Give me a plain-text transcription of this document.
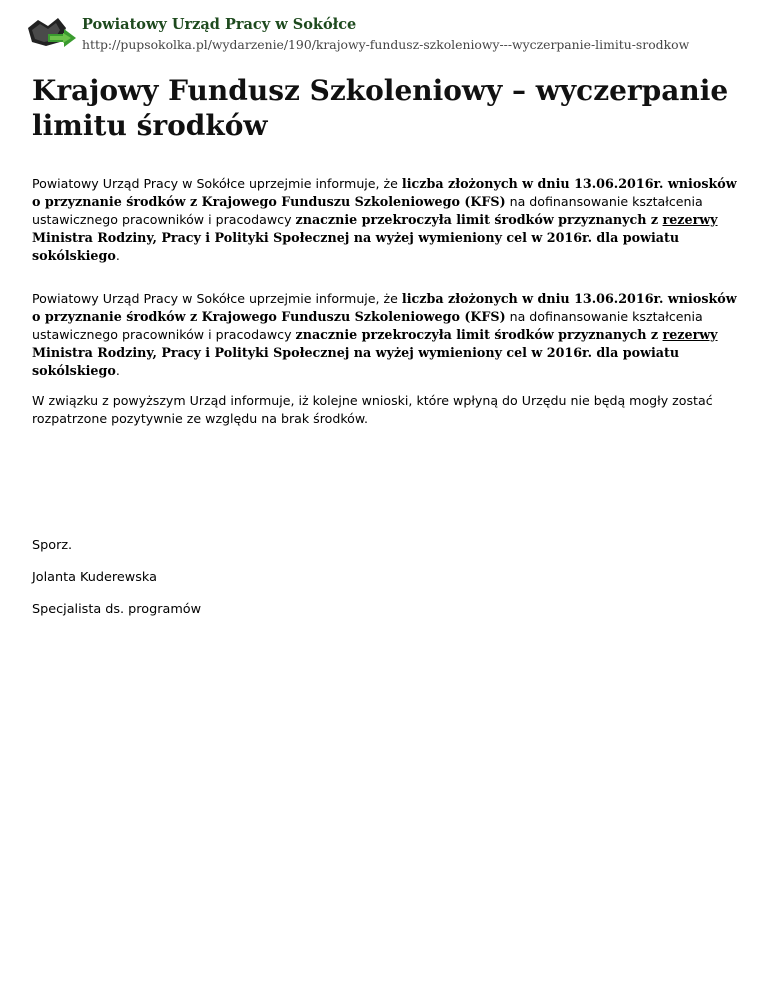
Powiatowy Urząd Pracy w Sokółce
http://pupsokolka.pl/wydarzenie/190/krajowy-fundusz-szkoleniowy---wyczerpanie-limitu-srodkow
Krajowy Fundusz Szkoleniowy – wyczerpanie limitu środków

Powiatowy Urząd Pracy w Sokółce uprzejmie informuje, że liczba złożonych w dniu 13.06.2016r. wniosków o przyznanie środków z Krajowego Funduszu Szkoleniowego (KFS) na dofinansowanie kształcenia ustawicznego pracowników i pracodawcy znacznie przekroczyła limit środków przyznanych z rezerwy Ministra Rodziny, Pracy i Polityki Społecznej na wyżej wymieniony cel w 2016r. dla powiatu sokólskiego.

Powiatowy Urząd Pracy w Sokółce uprzejmie informuje, że liczba złożonych w dniu 13.06.2016r. wniosków o przyznanie środków z Krajowego Funduszu Szkoleniowego (KFS) na dofinansowanie kształcenia ustawicznego pracowników i pracodawcy znacznie przekroczyła limit środków przyznanych z rezerwy Ministra Rodziny, Pracy i Polityki Społecznej na wyżej wymieniony cel w 2016r. dla powiatu sokólskiego.

W związku z powyższym Urząd informuje, iż kolejne wnioski, które wpłyną do Urzędu nie będą mogły zostać rozpatrzone pozytywnie ze względu na brak środków.

Sporz.

Jolanta Kuderewska

Specjalista ds. programów
